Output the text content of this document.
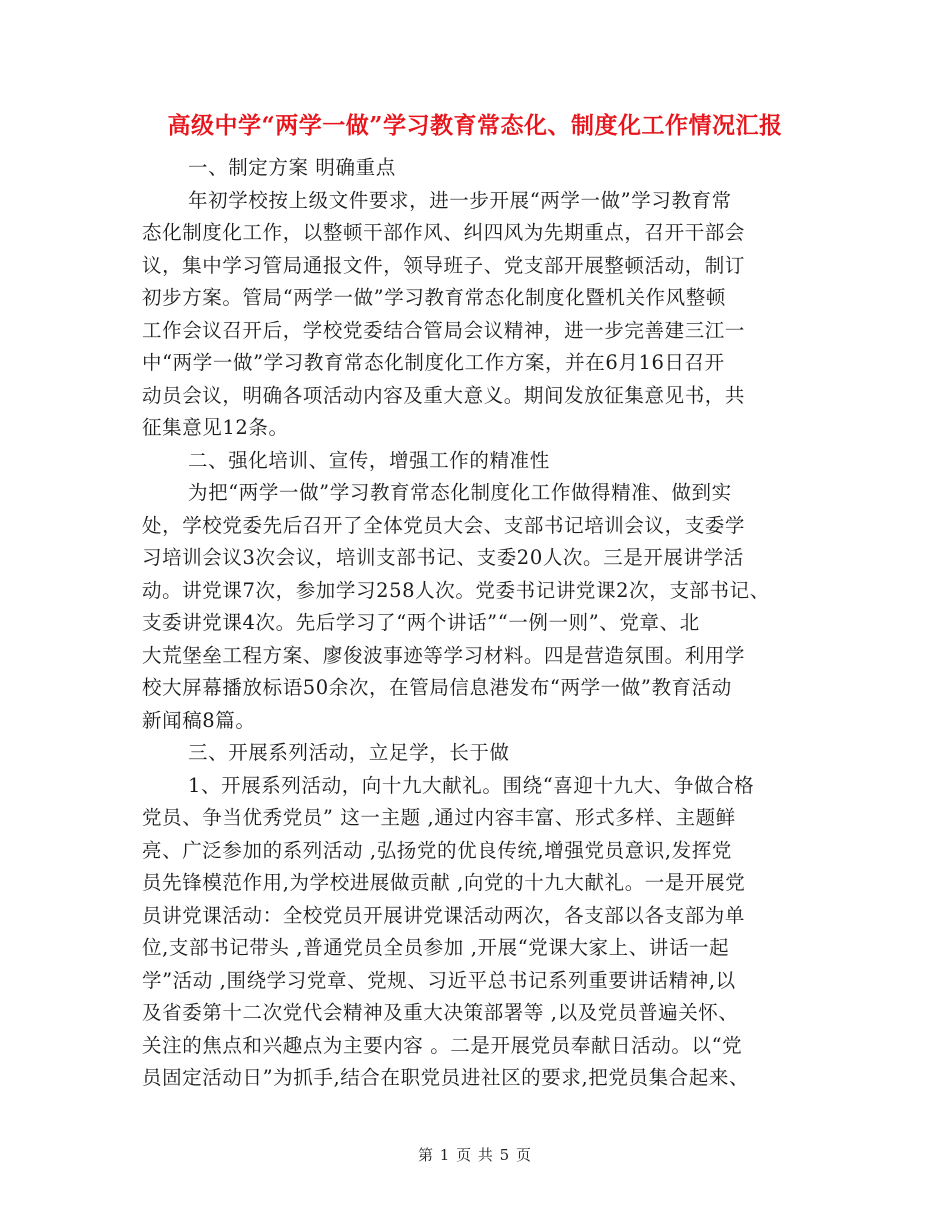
高级中学“两学一做”学习教育常态化、制度化工作情况汇报
一、制定方案 明确重点
年初学校按上级文件要求，进一步开展“两学一做”学习教育常
态化制度化工作，以整顿干部作风、纠四风为先期重点，召开干部会
议，集中学习管局通报文件，领导班子、党支部开展整顿活动，制订
初步方案。管局“两学一做”学习教育常态化制度化暨机关作风整顿
工作会议召开后，学校党委结合管局会议精神，进一步完善建三江一
中“两学一做”学习教育常态化制度化工作方案，并在6月16日召开
动员会议，明确各项活动内容及重大意义。期间发放征集意见书，共
征集意见12条。
二、强化培训、宣传，增强工作的精准性
为把“两学一做”学习教育常态化制度化工作做得精准、做到实
处，学校党委先后召开了全体党员大会、支部书记培训会议，支委学
习培训会议3次会议，培训支部书记、支委20人次。三是开展讲学活
动。讲党课7次，参加学习258人次。党委书记讲党课2次，支部书记、
支委讲党课4次。先后学习了“两个讲话”“一例一则”、党章、北
大荒堡垒工程方案、廖俊波事迹等学习材料。四是营造氛围。利用学
校大屏幕播放标语50余次，在管局信息港发布“两学一做”教育活动
新闻稿8篇。
三、开展系列活动，立足学，长于做
1、开展系列活动，向十九大献礼。围绕“喜迎十九大、争做合格
党员、争当优秀党员” 这一主题 ,通过内容丰富、形式多样、主题鲜
亮、广泛参加的系列活动 ,弘扬党的优良传统,增强党员意识,发挥党
员先锋模范作用,为学校进展做贡献 ,向党的十九大献礼。一是开展党
员讲党课活动：全校党员开展讲党课活动两次，各支部以各支部为单
位,支部书记带头 ,普通党员全员参加 ,开展“党课大家上、讲话一起
学”活动 ,围绕学习党章、党规、习近平总书记系列重要讲话精神,以
及省委第十二次党代会精神及重大决策部署等 ,以及党员普遍关怀、
关注的焦点和兴趣点为主要内容 。二是开展党员奉献日活动。以“党
员固定活动日”为抓手,结合在职党员进社区的要求,把党员集合起来、
第 1 页 共 5 页
